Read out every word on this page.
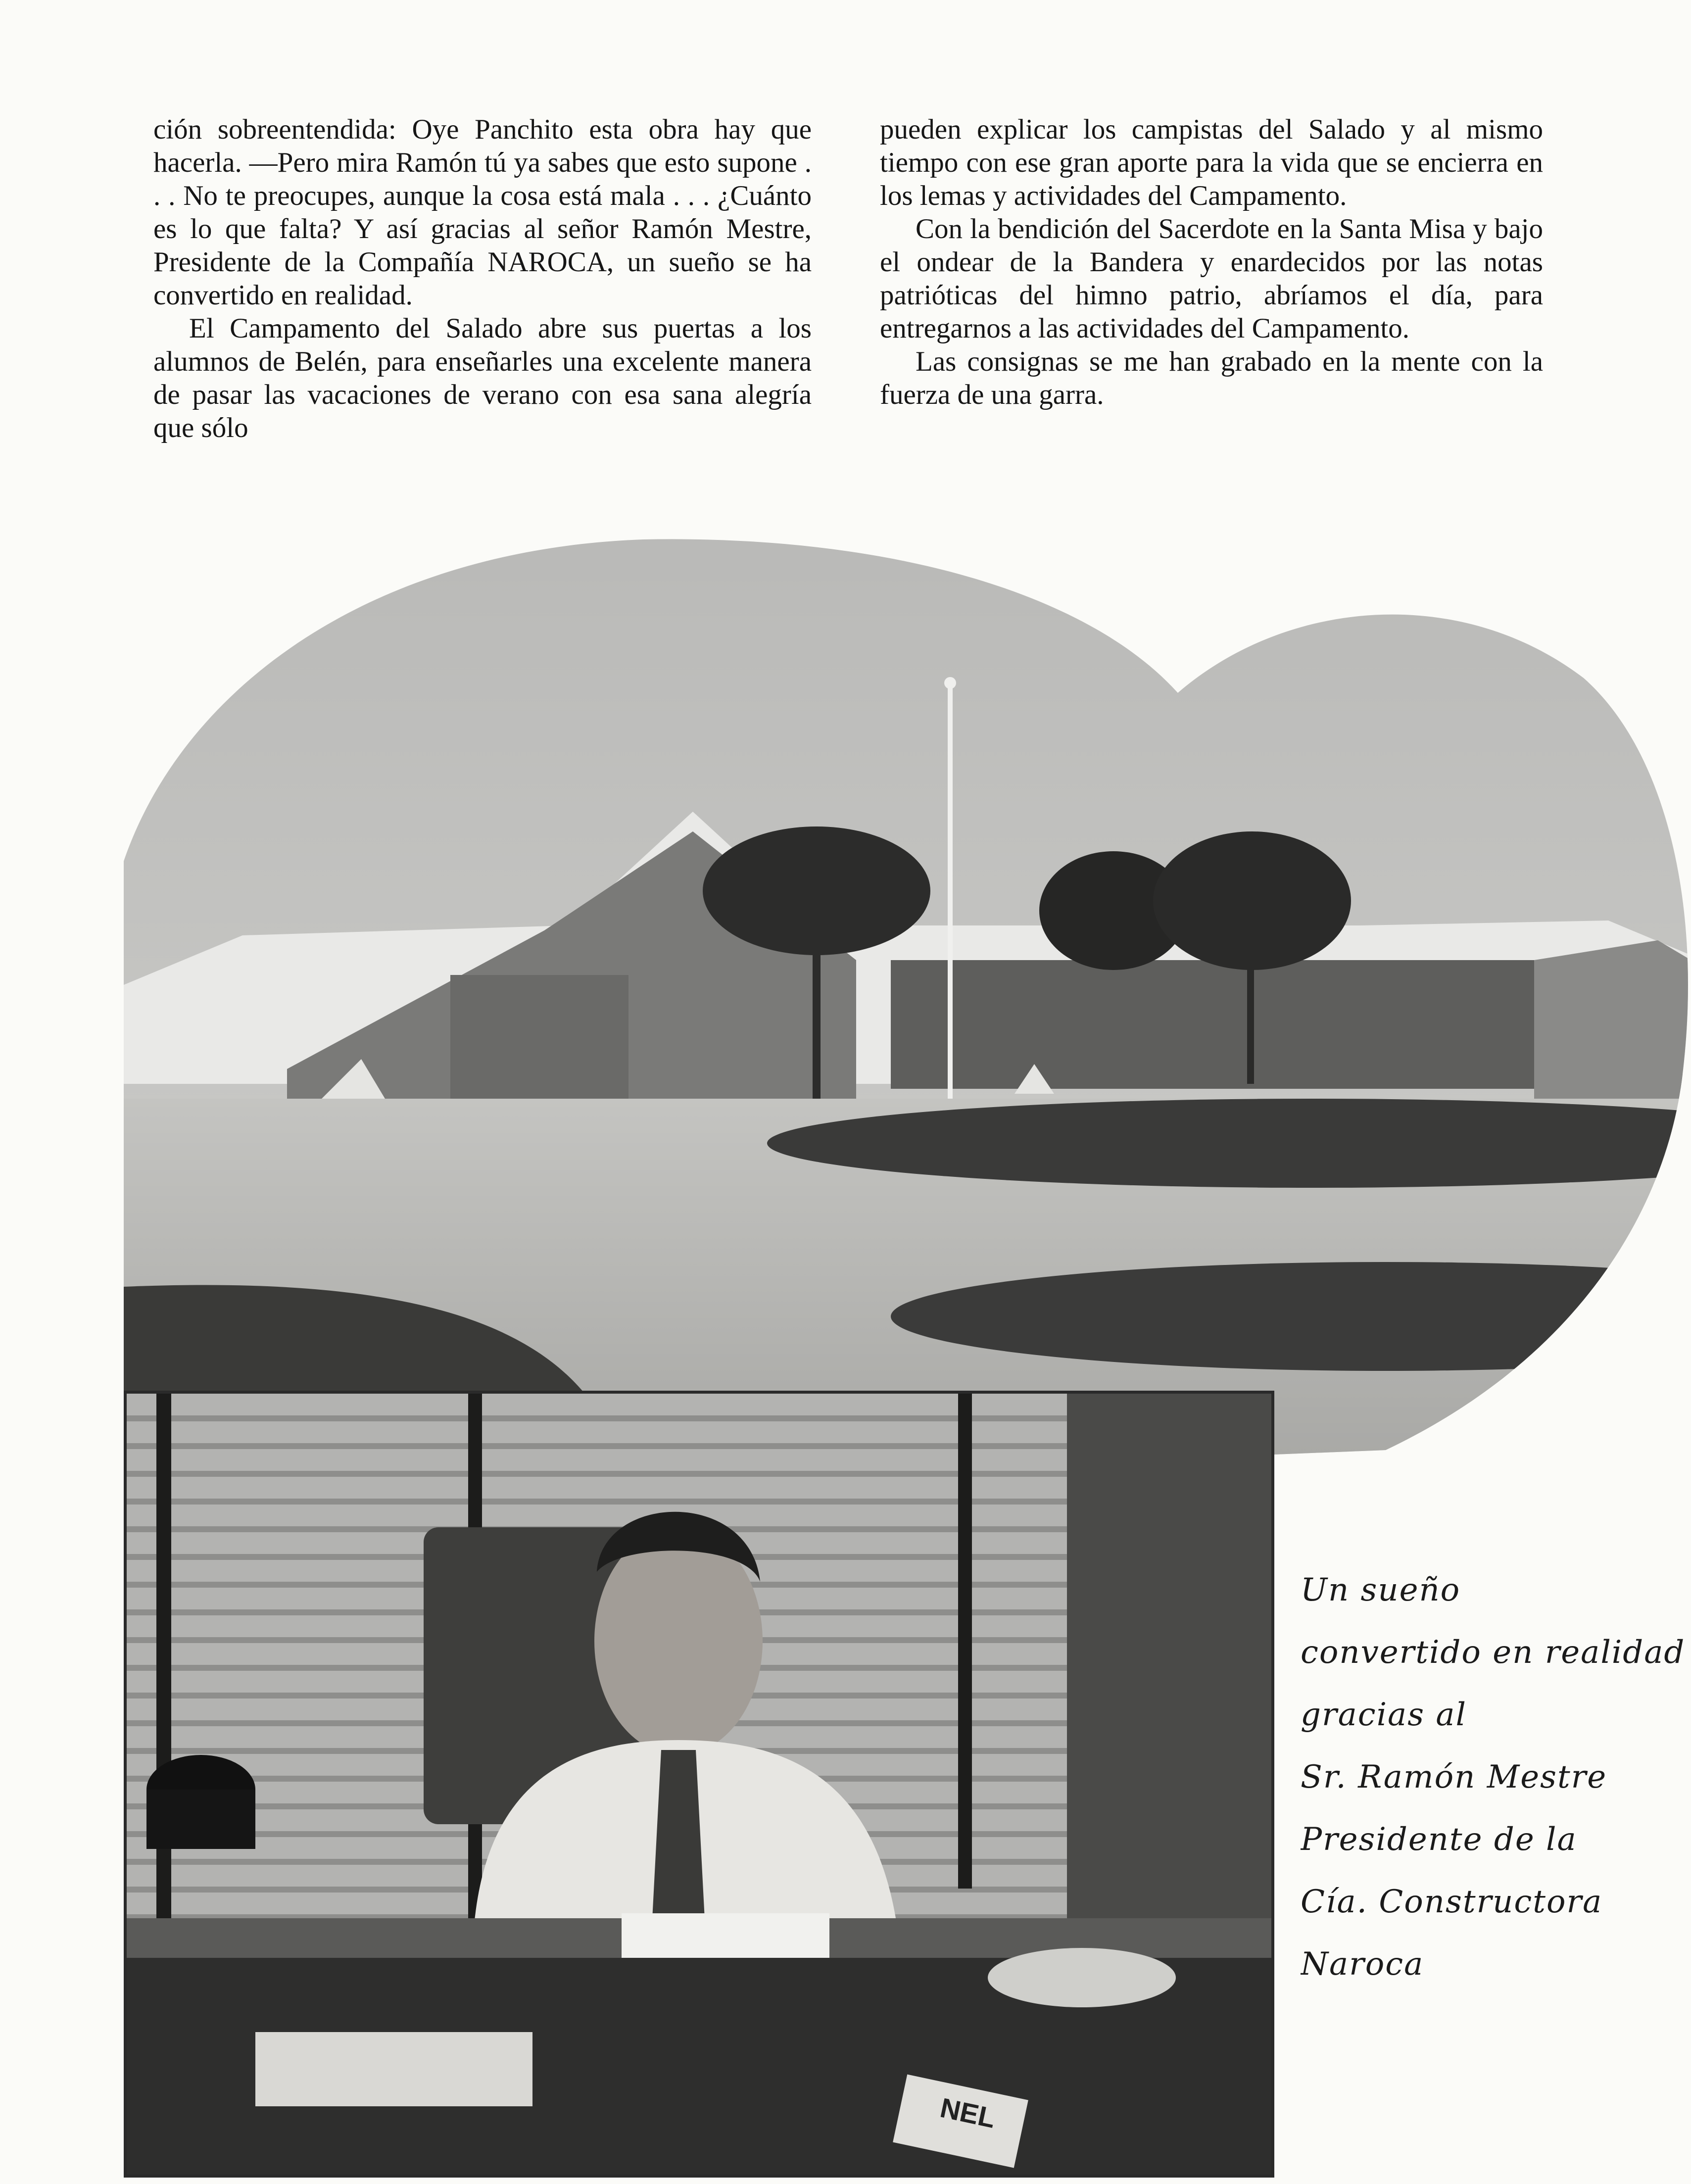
ción sobreentendida: Oye Panchito esta obra hay que hacerla. —Pero mira Ramón tú ya sabes que esto supone . . . No te preocupes, aunque la cosa está mala . . . ¿Cuánto es lo que falta? Y así gracias al señor Ramón Mestre, Presidente de la Compañía NAROCA, un sueño se ha convertido en realidad.

El Campamento del Salado abre sus puertas a los alumnos de Belén, para enseñarles una excelente manera de pasar las vacaciones de verano con esa sana alegría que sólo

pueden explicar los campistas del Salado y al mismo tiempo con ese gran aporte para la vida que se encierra en los lemas y actividades del Campamento.

Con la bendición del Sacerdote en la Santa Misa y bajo el ondear de la Bandera y enardecidos por las notas patrióticas del himno patrio, abríamos el día, para entregarnos a las actividades del Campamento.

Las consignas se me han grabado en la mente con la fuerza de una garra.

NEL
Un sueño
convertido en realidad
gracias al
Sr. Ramón Mestre
Presidente de la
Cía. Constructora
Naroca
